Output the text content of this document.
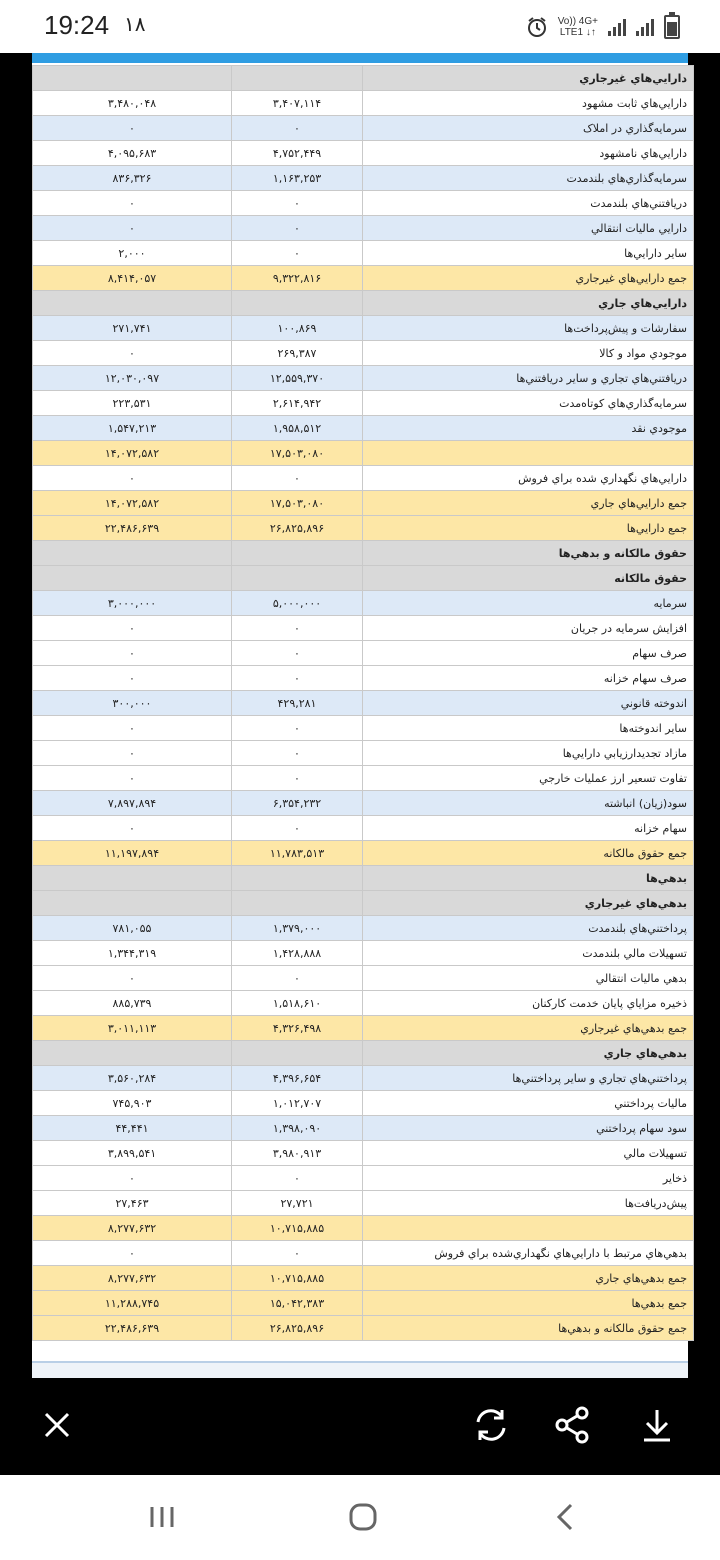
19:24 ۱۸	Vo)) 4G+
LTE1 ↓↑
		دارايي‌هاي غيرجاري
۳,۴۸۰,۰۴۸	۳,۴۰۷,۱۱۴	دارايي‌هاي ثابت مشهود
۰	۰	سرمايه‌گذاري در املاک
۴,۰۹۵,۶۸۳	۴,۷۵۲,۴۴۹	دارايي‌هاي نامشهود
۸۳۶,۳۲۶	۱,۱۶۳,۲۵۳	سرمايه‌گذاري‌هاي بلندمدت
۰	۰	دريافتني‌هاي بلندمدت
۰	۰	دارايي ماليات انتقالي
۲,۰۰۰	۰	ساير دارايي‌ها
۸,۴۱۴,۰۵۷	۹,۳۲۲,۸۱۶	جمع دارايي‌هاي غيرجاري
		دارايي‌هاي جاري
۲۷۱,۷۴۱	۱۰۰,۸۶۹	سفارشات و پيش‌پرداخت‌ها
۰	۲۶۹,۳۸۷	موجودي مواد و کالا
۱۲,۰۳۰,۰۹۷	۱۲,۵۵۹,۳۷۰	دريافتني‌هاي تجاري و ساير دريافتني‌ها
۲۲۳,۵۳۱	۲,۶۱۴,۹۴۲	سرمايه‌گذاري‌هاي کوتاه‌مدت
۱,۵۴۷,۲۱۳	۱,۹۵۸,۵۱۲	موجودي نقد
۱۴,۰۷۲,۵۸۲	۱۷,۵۰۳,۰۸۰	
۰	۰	دارايي‌هاي نگهداري شده براي فروش
۱۴,۰۷۲,۵۸۲	۱۷,۵۰۳,۰۸۰	جمع دارايي‌هاي جاري
۲۲,۴۸۶,۶۳۹	۲۶,۸۲۵,۸۹۶	جمع دارايي‌ها
		حقوق مالکانه و بدهي‌ها
		حقوق مالکانه
۳,۰۰۰,۰۰۰	۵,۰۰۰,۰۰۰	سرمايه
۰	۰	افزايش سرمايه در جريان
۰	۰	صرف سهام
۰	۰	صرف سهام خزانه
۳۰۰,۰۰۰	۴۲۹,۲۸۱	اندوخته قانوني
۰	۰	ساير اندوخته‌ها
۰	۰	مازاد تجديدارزيابي دارايي‌ها
۰	۰	تفاوت تسعير ارز عمليات خارجي
۷,۸۹۷,۸۹۴	۶,۳۵۴,۲۳۲	سود(زيان) انباشته
۰	۰	سهام خزانه
۱۱,۱۹۷,۸۹۴	۱۱,۷۸۳,۵۱۳	جمع حقوق مالکانه
		بدهي‌ها
		بدهي‌هاي غيرجاري
۷۸۱,۰۵۵	۱,۳۷۹,۰۰۰	پرداختني‌هاي بلندمدت
۱,۳۴۴,۳۱۹	۱,۴۲۸,۸۸۸	تسهيلات مالي بلندمدت
۰	۰	بدهي ماليات انتقالي
۸۸۵,۷۳۹	۱,۵۱۸,۶۱۰	ذخيره مزاياي پايان خدمت کارکنان
۳,۰۱۱,۱۱۳	۴,۳۲۶,۴۹۸	جمع بدهي‌هاي غيرجاري
		بدهي‌هاي جاري
۳,۵۶۰,۲۸۴	۴,۳۹۶,۶۵۴	پرداختني‌هاي تجاري و ساير پرداختني‌ها
۷۴۵,۹۰۳	۱,۰۱۲,۷۰۷	ماليات پرداختني
۴۴,۴۴۱	۱,۳۹۸,۰۹۰	سود سهام پرداختني
۳,۸۹۹,۵۴۱	۳,۹۸۰,۹۱۳	تسهيلات مالي
۰	۰	ذخاير
۲۷,۴۶۳	۲۷,۷۲۱	پيش‌دريافت‌ها
۸,۲۷۷,۶۳۲	۱۰,۷۱۵,۸۸۵	
۰	۰	بدهي‌هاي مرتبط با دارايي‌هاي نگهداري‌شده براي فروش
۸,۲۷۷,۶۳۲	۱۰,۷۱۵,۸۸۵	جمع بدهي‌هاي جاري
۱۱,۲۸۸,۷۴۵	۱۵,۰۴۲,۳۸۳	جمع بدهي‌ها
۲۲,۴۸۶,۶۳۹	۲۶,۸۲۵,۸۹۶	جمع حقوق مالکانه و بدهي‌ها
